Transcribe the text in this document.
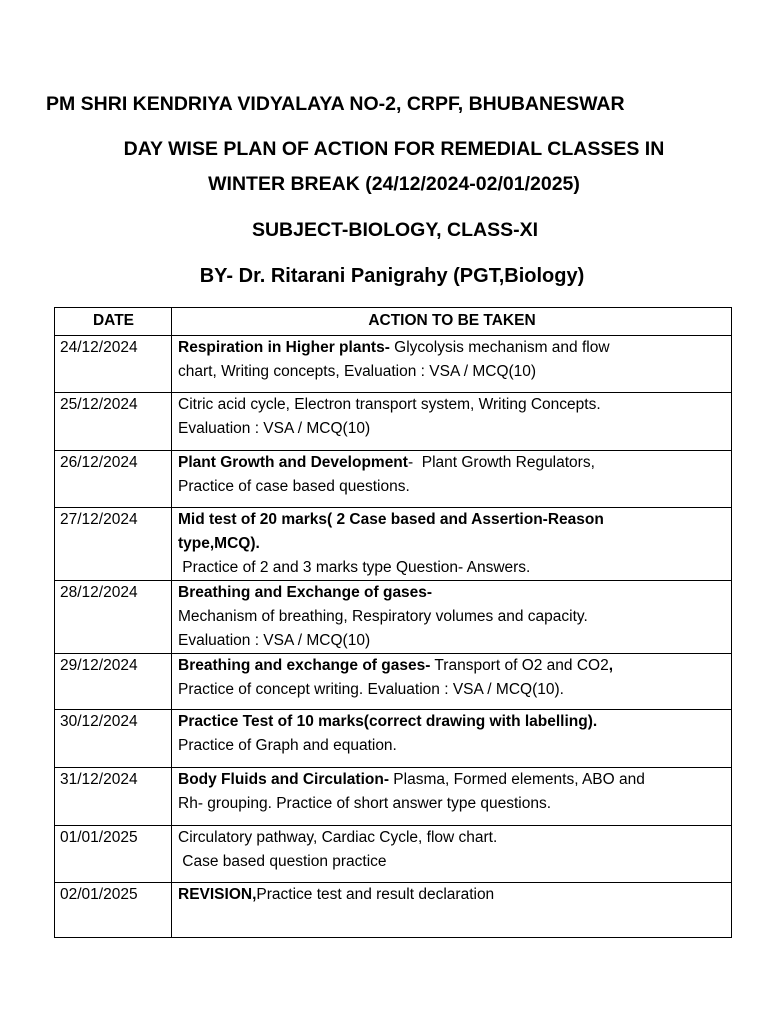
PM SHRI KENDRIYA VIDYALAYA NO-2, CRPF, BHUBANESWAR
DAY WISE PLAN OF ACTION FOR REMEDIAL CLASSES IN
WINTER BREAK (24/12/2024-02/01/2025)
SUBJECT-BIOLOGY, CLASS-XI
BY- Dr. Ritarani Panigrahy (PGT,Biology)
DATE	ACTION TO BE TAKEN
24/12/2024	Respiration in Higher plants- Glycolysis mechanism and flow
chart, Writing concepts, Evaluation : VSA / MCQ(10)

25/12/2024	Citric acid cycle, Electron transport system, Writing Concepts.
Evaluation : VSA / MCQ(10)

26/12/2024	Plant Growth and Development-  Plant Growth Regulators,
Practice of case based questions.

27/12/2024	Mid test of 20 marks( 2 Case based and Assertion-Reason
type,MCQ).
Practice of 2 and 3 marks type Question- Answers.

28/12/2024	Breathing and Exchange of gases-
Mechanism of breathing, Respiratory volumes and capacity.
Evaluation : VSA / MCQ(10)

29/12/2024	Breathing and exchange of gases- Transport of O2 and CO2,
Practice of concept writing. Evaluation : VSA / MCQ(10).

30/12/2024	Practice Test of 10 marks(correct drawing with labelling).
Practice of Graph and equation.

31/12/2024	Body Fluids and Circulation- Plasma, Formed elements, ABO and
Rh- grouping. Practice of short answer type questions.

01/01/2025	Circulatory pathway, Cardiac Cycle, flow chart.
Case based question practice

02/01/2025	REVISION,Practice test and result declaration
